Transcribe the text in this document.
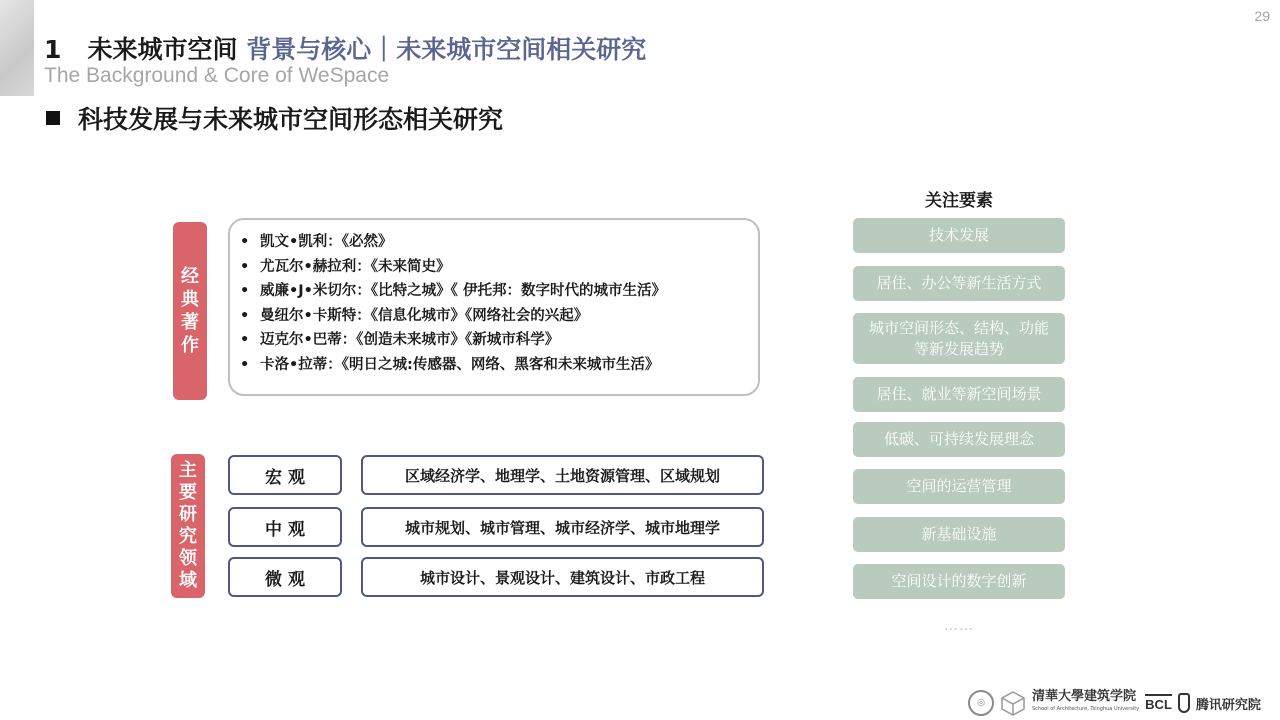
29
1 未来城市空间 背景与核心｜未来城市空间相关研究
The Background & Core of WeSpace
科技发展与未来城市空间形态相关研究
经
典
著
作
• 凯文•凯利：《必然》
• 尤瓦尔•赫拉利：《未来简史》
• 威廉•J•米切尔：《比特之城》《 伊托邦：数字时代的城市生活》
• 曼纽尔•卡斯特：《信息化城市》《网络社会的兴起》
• 迈克尔•巴蒂：《创造未来城市》《新城市科学》
• 卡洛•拉蒂：《明日之城:传感器、网络、黑客和未来城市生活》
主
要
研
究
领
域
宏 观	区域经济学、地理学、土地资源管理、区域规划
中 观	城市规划、城市管理、城市经济学、城市地理学
微 观	城市设计、景观设计、建筑设计、市政工程
关注要素
技术发展
居住、办公等新生活方式
城市空间形态、结构、功能等新发展趋势
居住、就业等新空间场景
低碳、可持续发展理念
空间的运营管理
新基础设施
空间设计的数字创新
……
◎	清華大學建筑学院
School of Architecture, Tsinghua University BCL 腾讯研究院
